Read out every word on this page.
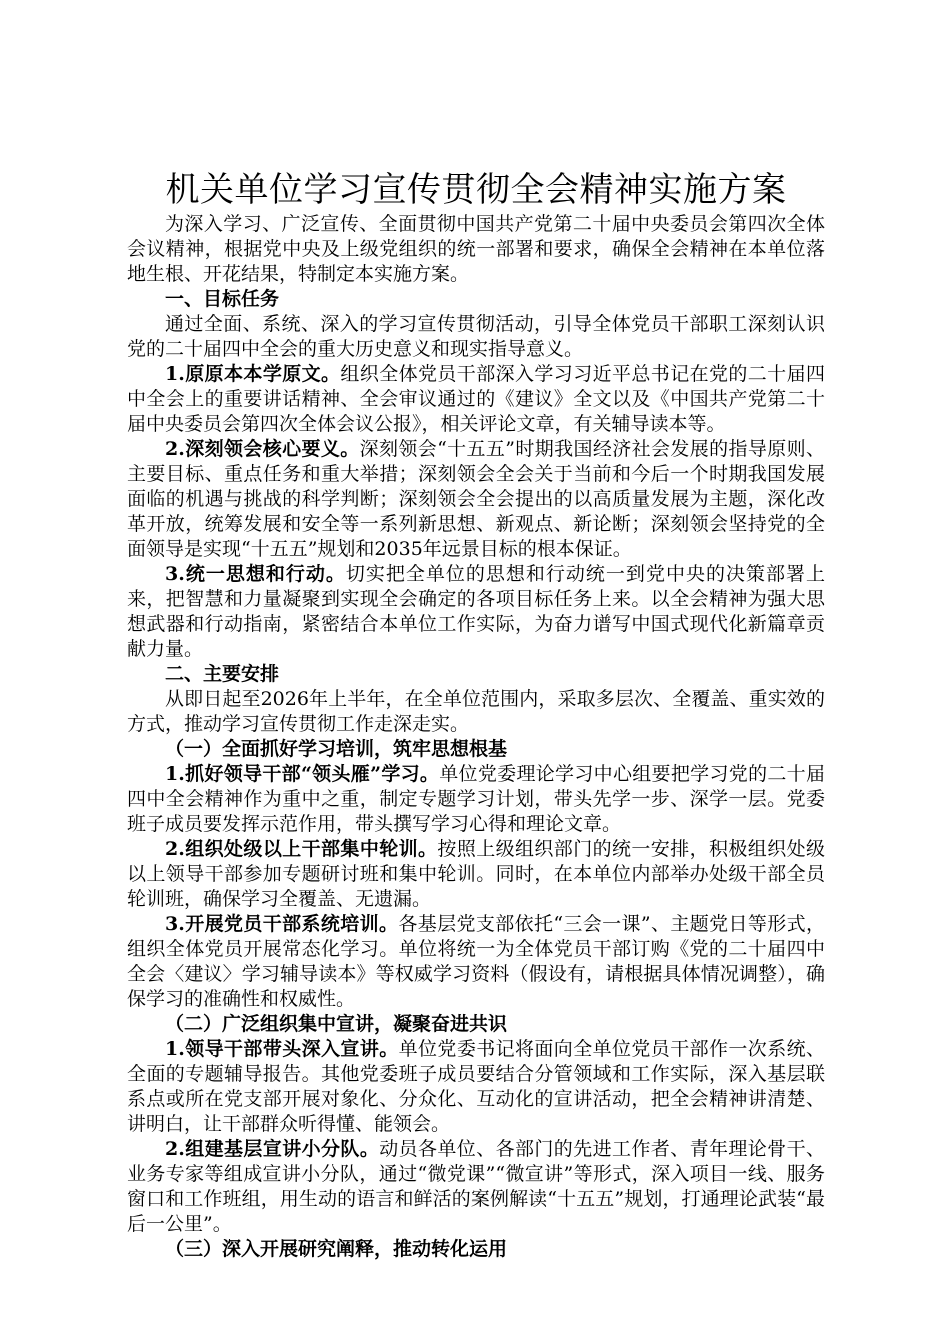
机关单位学习宣传贯彻全会精神实施方案

为深入学习、广泛宣传、全面贯彻中国共产党第二十届中央委员会第四次全体会议精神，根据党中央及上级党组织的统一部署和要求，确保全会精神在本单位落地生根、开花结果，特制定本实施方案。

一、目标任务

通过全面、系统、深入的学习宣传贯彻活动，引导全体党员干部职工深刻认识党的二十届四中全会的重大历史意义和现实指导意义。

1.原原本本学原文。组织全体党员干部深入学习习近平总书记在党的二十届四中全会上的重要讲话精神、全会审议通过的《建议》全文以及《中国共产党第二十届中央委员会第四次全体会议公报》，相关评论文章，有关辅导读本等。

2.深刻领会核心要义。深刻领会“十五五”时期我国经济社会发展的指导原则、主要目标、重点任务和重大举措；深刻领会全会关于当前和今后一个时期我国发展面临的机遇与挑战的科学判断；深刻领会全会提出的以高质量发展为主题，深化改革开放，统筹发展和安全等一系列新思想、新观点、新论断；深刻领会坚持党的全面领导是实现“十五五”规划和2035年远景目标的根本保证。

3.统一思想和行动。切实把全单位的思想和行动统一到党中央的决策部署上来，把智慧和力量凝聚到实现全会确定的各项目标任务上来。以全会精神为强大思想武器和行动指南，紧密结合本单位工作实际，为奋力谱写中国式现代化新篇章贡献力量。

二、主要安排

从即日起至2026年上半年，在全单位范围内，采取多层次、全覆盖、重实效的方式，推动学习宣传贯彻工作走深走实。

（一）全面抓好学习培训，筑牢思想根基

1.抓好领导干部“领头雁”学习。单位党委理论学习中心组要把学习党的二十届四中全会精神作为重中之重，制定专题学习计划，带头先学一步、深学一层。党委班子成员要发挥示范作用，带头撰写学习心得和理论文章。

2.组织处级以上干部集中轮训。按照上级组织部门的统一安排，积极组织处级以上领导干部参加专题研讨班和集中轮训。同时，在本单位内部举办处级干部全员轮训班，确保学习全覆盖、无遗漏。

3.开展党员干部系统培训。各基层党支部依托“三会一课”、主题党日等形式，组织全体党员开展常态化学习。单位将统一为全体党员干部订购《党的二十届四中全会〈建议〉学习辅导读本》等权威学习资料（假设有，请根据具体情况调整），确保学习的准确性和权威性。

（二）广泛组织集中宣讲，凝聚奋进共识

1.领导干部带头深入宣讲。单位党委书记将面向全单位党员干部作一次系统、全面的专题辅导报告。其他党委班子成员要结合分管领域和工作实际，深入基层联系点或所在党支部开展对象化、分众化、互动化的宣讲活动，把全会精神讲清楚、讲明白，让干部群众听得懂、能领会。

2.组建基层宣讲小分队。动员各单位、各部门的先进工作者、青年理论骨干、业务专家等组成宣讲小分队，通过“微党课”“微宣讲”等形式，深入项目一线、服务窗口和工作班组，用生动的语言和鲜活的案例解读“十五五”规划，打通理论武装“最后一公里”。

（三）深入开展研究阐释，推动转化运用
